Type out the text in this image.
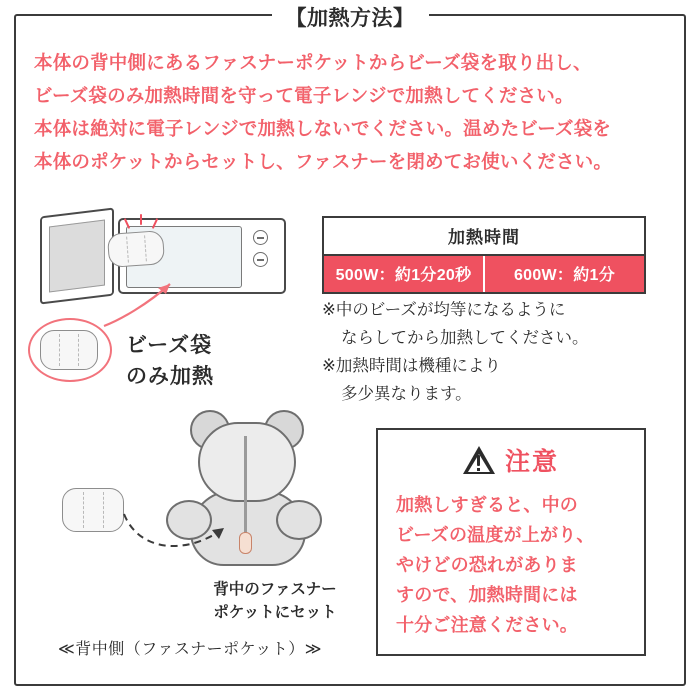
【加熱方法】
本体の背中側にあるファスナーポケットからビーズ袋を取り出し、
ビーズ袋のみ加熱時間を守って電子レンジで加熱してください。
本体は絶対に電子レンジで加熱しないでください。温めたビーズ袋を
本体のポケットからセットし、ファスナーを閉めてお使いください。
ビーズ袋
のみ加熱
加熱時間
500W：約1分20秒	600W：約1分
※中のビーズが均等になるように
ならしてから加熱してください。
※加熱時間は機種により
多少異なります。
注意
加熱しすぎると、中の
ビーズの温度が上がり、
やけどの恐れがありま
すので、加熱時間には
十分ご注意ください。
背中のファスナー
ポケットにセット
≪背中側（ファスナーポケット）≫
